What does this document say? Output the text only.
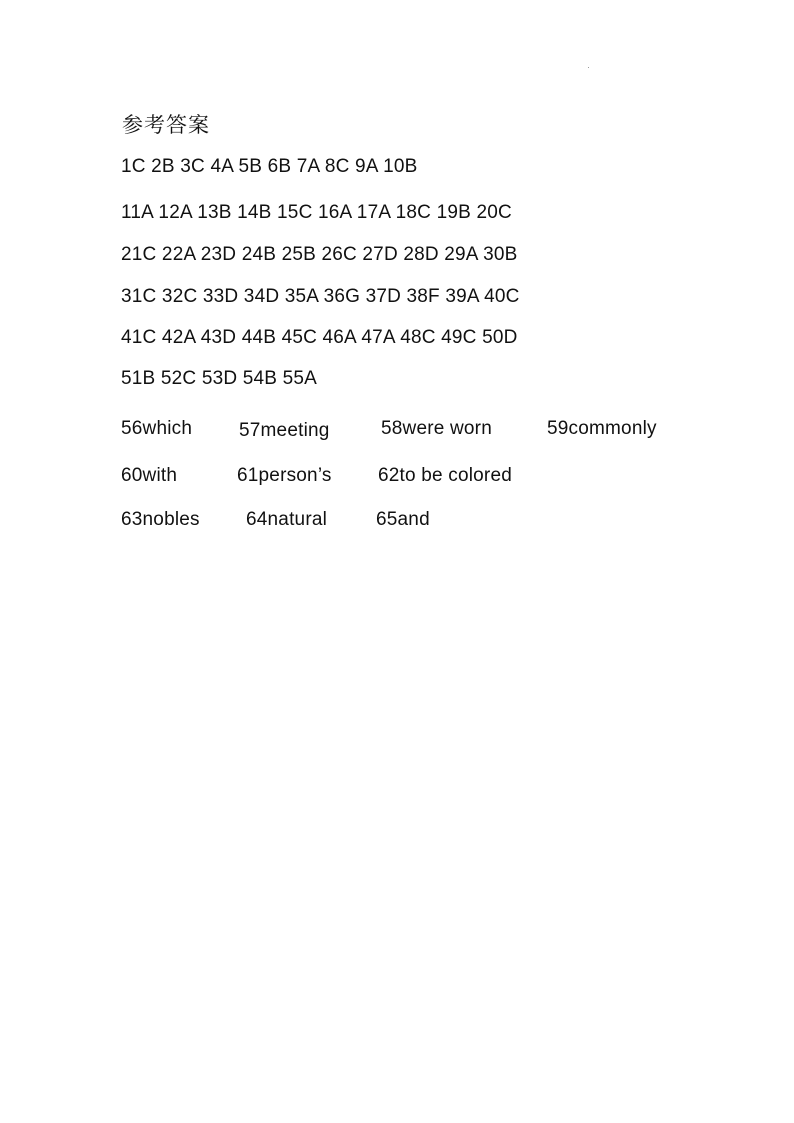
参考答案
1C 2B 3C 4A 5B 6B 7A 8C 9A 10B
11A 12A 13B 14B 15C 16A 17A 18C 19B 20C
21C 22A 23D 24B 25B 26C 27D 28D 29A 30B
31C 32C 33D 34D 35A 36G 37D 38F 39A 40C
41C 42A 43D 44B 45C 46A 47A 48C 49C 50D
51B 52C 53D 54B 55A
56which 57meeting	58were worn	59commonly
60with	61person’s 62to be colored
63nobles 64natural	65and
